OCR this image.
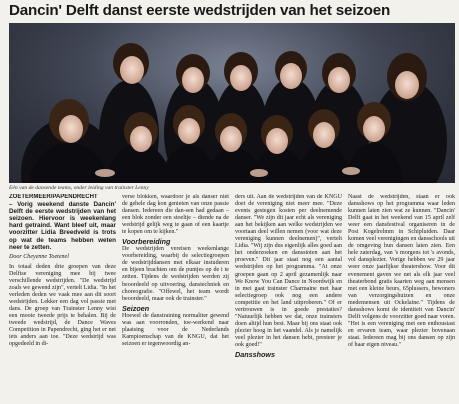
Dancin' Delft danst eerste wedstrijden van het seizoen
Eén van de dansende teams, onder leiding van trainster Lenny

ZOETERMEER/PAPENDRECHT

– Vorig weekend danste Dancin' Delft de eerste wedstrijden van het seizoen. Hiervoor is weekenlang hard getraind. Want bleef uit, maar voorzitter Lidia Breedveld is trots op wat de teams hebben weten neer te zetten.

Door Cheyenne Toetenel

In totaal deden drie groepen van deze Delftse vereniging mee bij twee verschillende wedstrijden. "De wedstrijd zoals we gewend zijn", vertelt Lidia. "In het verleden deden we vaak mee aan dit soort wedstrijden. Lekker een dag vol passie met dans. De groep van Trainster Lenny wist een mooie tweede prijs te behalen. Bij de tweede wedstrijd, de Dance Waves Competition in Papendrecht, ging het er net iets anders aan toe. "Deze wedstrijd was opgedeeld in di-

verse blokken, waardoor je als danser niet de gehele dag kon genieten van onze passie dansen. Iedereen die dan-sen had gedaan – een blok zonder een stoeltje – diende na de wedstrijd gelijk weg te gaan of een kaartje te kopen om te kijken."

Voorbereiding

De wedstrijden vereisen weekenlange voorbereiding, waarbij de selectiegroepen de wedstrijddansen met elkaar instuderen en bijeen brachten om de puntjes op de i te zetten. Tijdens de wedstrijden werden zij beoordeeld op uitvoering, danstechniek en choreografie. "Offewel, het team wordt beoordeeld, maar ook de trainster."

Seizoen

Hoewel de danstraining normaliter gewend was aan voorronden, toe-werkend naar plaatsing voor de Nederlands Kampioenschap van de KNGU, dat het seizoen er tegenwoordig an-

ders uit. Aan de wedstrijden van de KNGU doet de vereniging niet meer mee. "Deze events gestegen kosten per deelnemende danser. "We zijn dit jaar echt als vereniging aan het bekijken aan welke wedstrijden we voortaan deel willen nemen (voor wat deze vereniging kunnen deelnemen)", vertelt Lidia. "Wij zijn dus eigenlijk alles goed aan het onderzoeken en dansstoten aan het proeven." Dit jaar staat nog een aantal wedstrijden op het programma. "At onze groepen gaan op 2 april gezamenlijk naar We Know You Can Dance in Noordwijk en in mei gaat trainster Charmaine met haar selectiegroep ook nog een andere competitie en het land uitproberen." Of er vertrouwen is in goede prestaties? "Natuurlijk hebben we dat, onze trainsters doen altijd hun best. Maar bij ons staat ook plezier hoog in het vaandel. Als je namelijk veel plezier in het dansen hebt, presteer je ook goed!"

Dansshows

Naast de wedstrijden, staan er ook dansshows op het programma waar leden kunnen laten zien wat ze kunnen. "Dancin' Delft gaat in het weekend van 15 april zelf weer een dansfestival organiseren in de Post Kogelrelmm in Schipluiden. Daar komen veel verenigingen en dansschools uit de omgeving hun dansen laten zien. Een hele zaterdag, van 's morgens tot 's avonds, vol dansplezier. Vorige hebben we 29 jaar weer onze jaarlijkse theatershow. Voor dit evenement gaven we net als elk jaar veel theaterbond gratis kaarten weg aan mensen met een kleine beurs, 65plussers, bewoners van verzorgingshuizen en onze medemensen uit Ockelaine." Tijdens de dansshows komt de identiteit van Dancin' Delft volgens de voorzitter goed naar voren. "Het is een vereniging met een enthousiast en ervaren team, waar plezier bovenaan staat. Iedereen mag bij ons dansen op zijn of haar eigen niveau."
